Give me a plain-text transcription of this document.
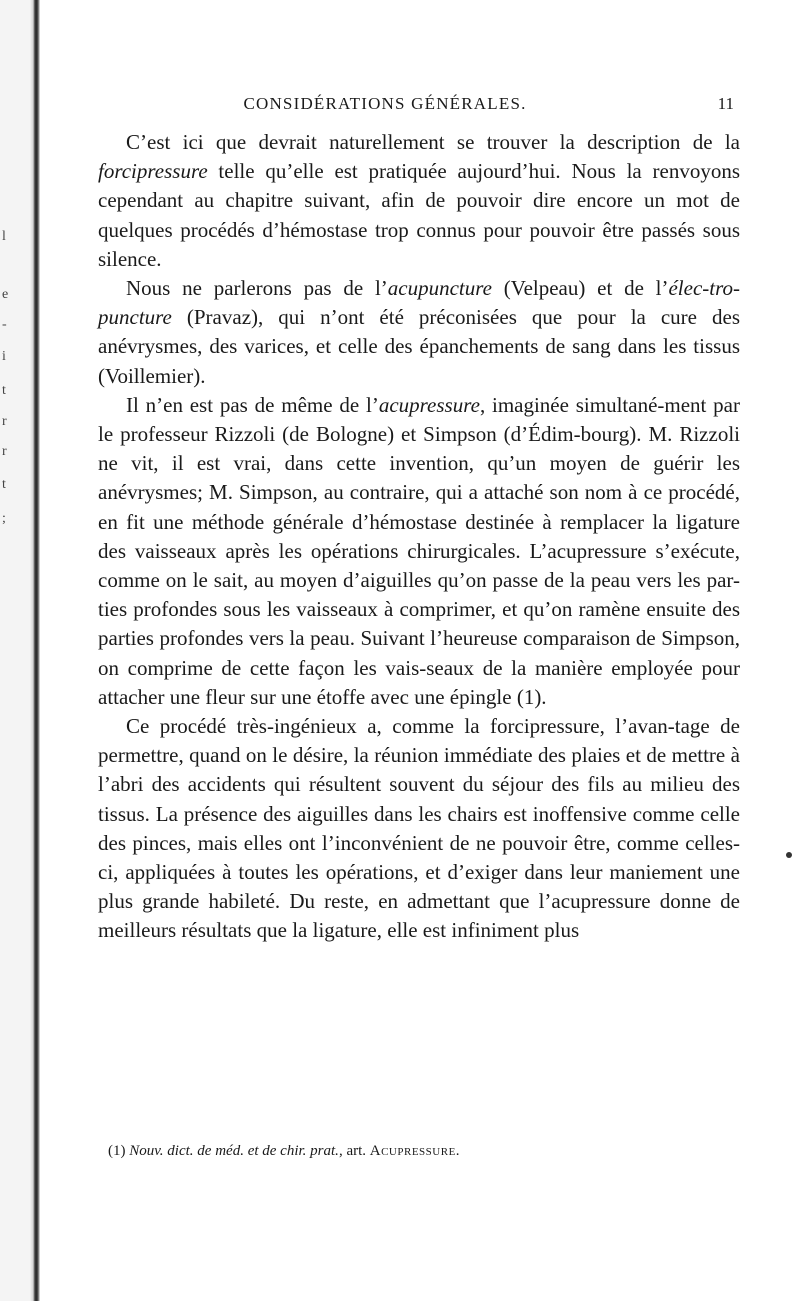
l
e
-
i
t
r
r
t
;
CONSIDÉRATIONS GÉNÉRALES.	11

C’est ici que devrait naturellement se trouver la description de la forcipressure telle qu’elle est pratiquée aujourd’hui. Nous la renvoyons cependant au chapitre suivant, afin de pouvoir dire encore un mot de quelques procédés d’hémostase trop connus pour pouvoir être passés sous silence.

Nous ne parlerons pas de l’acupuncture (Velpeau) et de l’élec-tro-puncture (Pravaz), qui n’ont été préconisées que pour la cure des anévrysmes, des varices, et celle des épanchements de sang dans les tissus (Voillemier).

Il n’en est pas de même de l’acupressure, imaginée simultané-ment par le professeur Rizzoli (de Bologne) et Simpson (d’Édim-bourg). M. Rizzoli ne vit, il est vrai, dans cette invention, qu’un moyen de guérir les anévrysmes; M. Simpson, au contraire, qui a attaché son nom à ce procédé, en fit une méthode générale d’hémostase destinée à remplacer la ligature des vaisseaux après les opérations chirurgicales. L’acupressure s’exécute, comme on le sait, au moyen d’aiguilles qu’on passe de la peau vers les par-ties profondes sous les vaisseaux à comprimer, et qu’on ramène ensuite des parties profondes vers la peau. Suivant l’heureuse comparaison de Simpson, on comprime de cette façon les vais-seaux de la manière employée pour attacher une fleur sur une étoffe avec une épingle (1).

Ce procédé très-ingénieux a, comme la forcipressure, l’avan-tage de permettre, quand on le désire, la réunion immédiate des plaies et de mettre à l’abri des accidents qui résultent souvent du séjour des fils au milieu des tissus. La présence des aiguilles dans les chairs est inoffensive comme celle des pinces, mais elles ont l’inconvénient de ne pouvoir être, comme celles-ci, appliquées à toutes les opérations, et d’exiger dans leur maniement une plus grande habileté. Du reste, en admettant que l’acupressure donne de meilleurs résultats que la ligature, elle est infiniment plus

(1) Nouv. dict. de méd. et de chir. prat., art. Acupressure.
